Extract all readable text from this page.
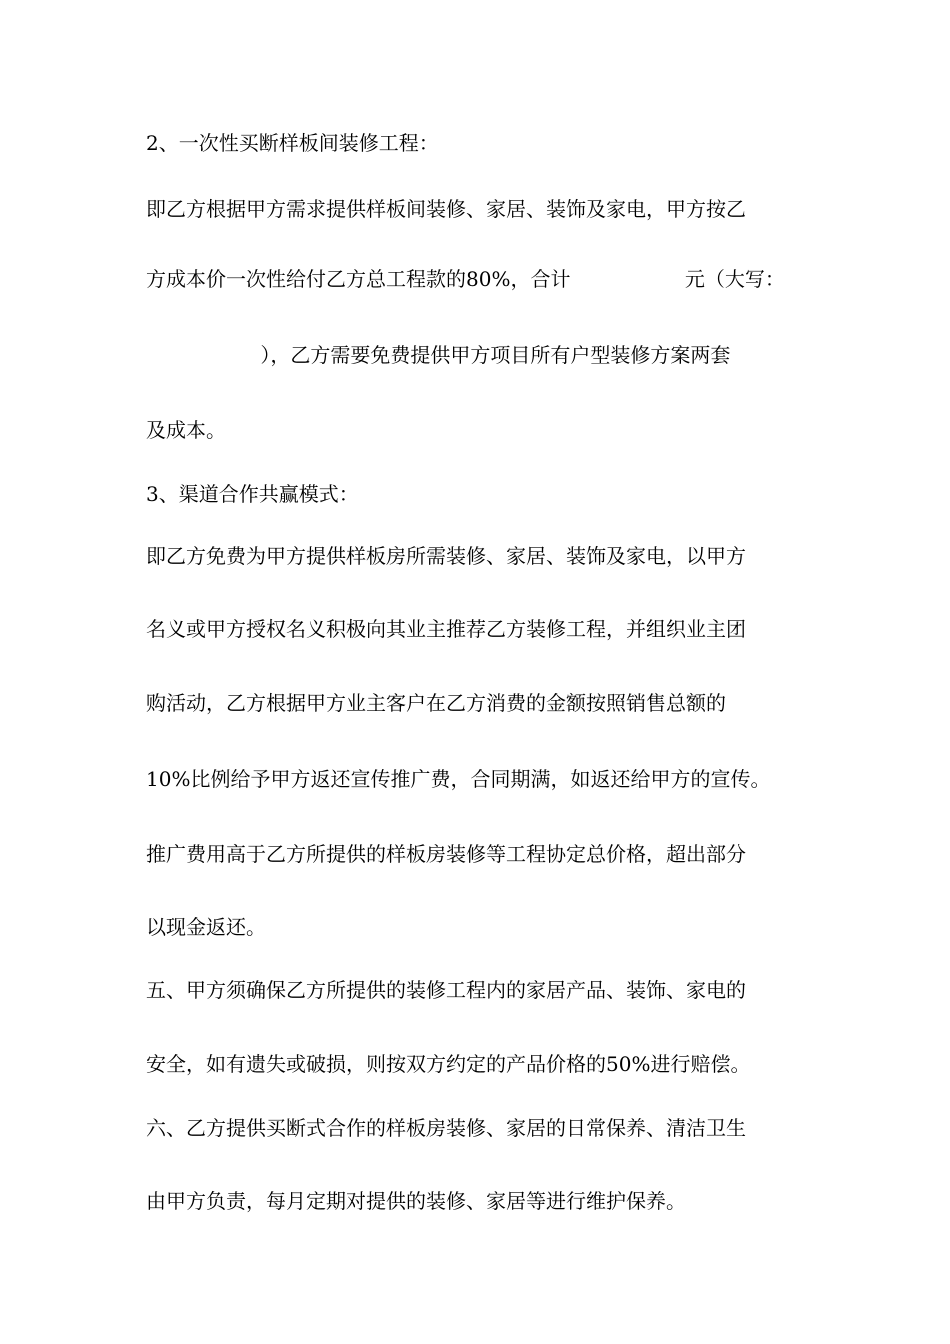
2、一次性买断样板间装修工程：

即乙方根据甲方需求提供样板间装修、家居、装饰及家电，甲方按乙

方成本价一次性给付乙方总工程款的80%，合计                  元（大写：

），乙方需要免费提供甲方项目所有户型装修方案两套

及成本。

3、渠道合作共赢模式：

即乙方免费为甲方提供样板房所需装修、家居、装饰及家电，以甲方

名义或甲方授权名义积极向其业主推荐乙方装修工程，并组织业主团

购活动，乙方根据甲方业主客户在乙方消费的金额按照销售总额的

10%比例给予甲方返还宣传推广费，合同期满，如返还给甲方的宣传。

推广费用高于乙方所提供的样板房装修等工程协定总价格，超出部分

以现金返还。

五、甲方须确保乙方所提供的装修工程内的家居产品、装饰、家电的

安全，如有遗失或破损，则按双方约定的产品价格的50%进行赔偿。

六、乙方提供买断式合作的样板房装修、家居的日常保养、清洁卫生

由甲方负责，每月定期对提供的装修、家居等进行维护保养。
